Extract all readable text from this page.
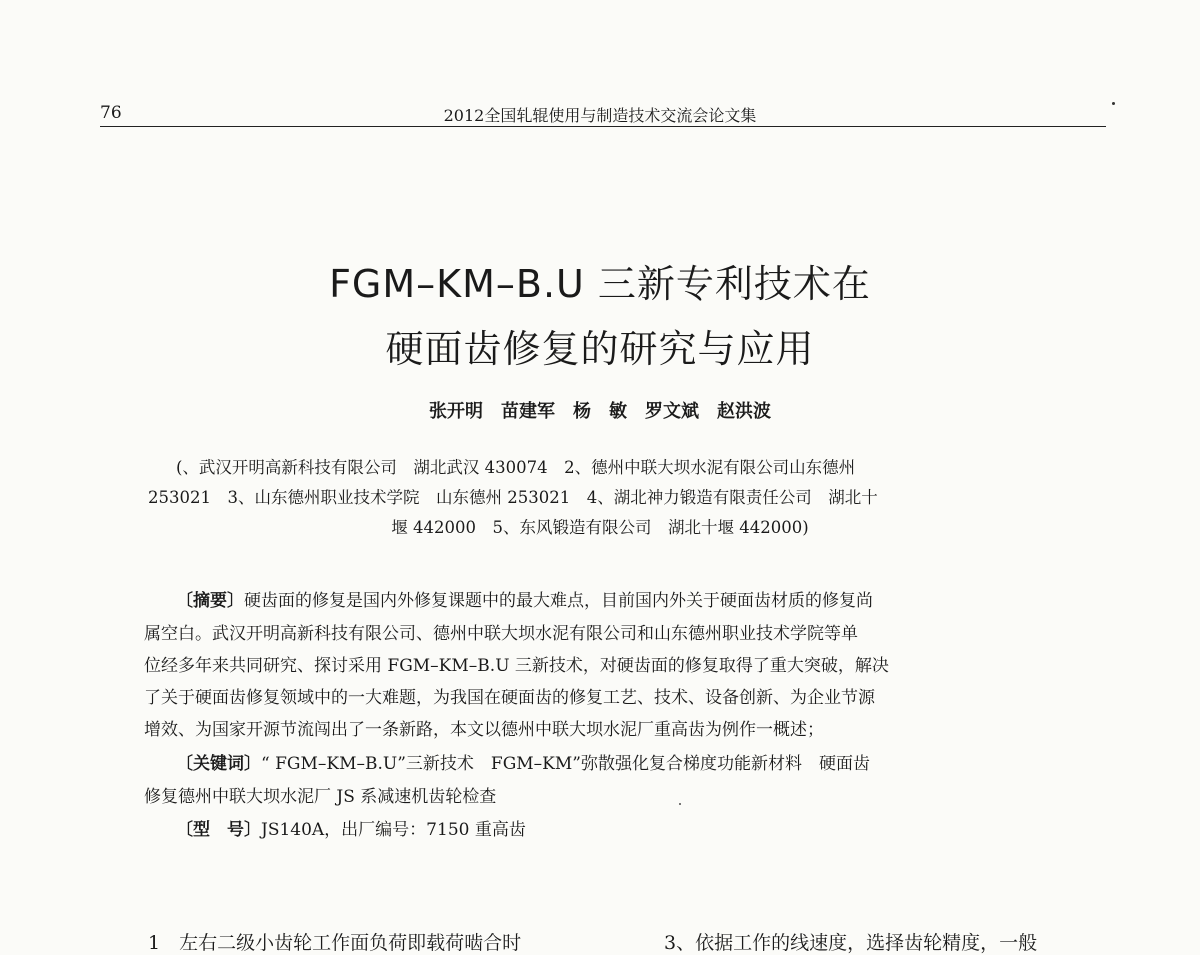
76	2012全国轧辊使用与制造技术交流会论文集
FGM–KM–B.U 三新专利技术在
硬面齿修复的研究与应用
张开明　苗建军　杨　敏　罗文斌　赵洪波
(、武汉开明高新科技有限公司　湖北武汉 430074　2、德州中联大坝水泥有限公司山东德州
253021　3、山东德州职业技术学院　山东德州 253021　4、湖北神力锻造有限责任公司　湖北十
堰 442000　5、东风锻造有限公司　湖北十堰 442000)
〔摘要〕硬齿面的修复是国内外修复课题中的最大难点，目前国内外关于硬面齿材质的修复尚
属空白。武汉开明高新科技有限公司、德州中联大坝水泥有限公司和山东德州职业技术学院等单
位经多年来共同研究、探讨采用 FGM–KM–B.U 三新技术，对硬齿面的修复取得了重大突破，解决
了关于硬面齿修复领域中的一大难题，为我国在硬面齿的修复工艺、技术、设备创新、为企业节源
增效、为国家开源节流闯出了一条新路，本文以德州中联大坝水泥厂重高齿为例作一概述；
〔关键词〕“ FGM–KM–B.U”三新技术　FGM–KM”弥散强化复合梯度功能新材料　硬面齿
修复德州中联大坝水泥厂 JS 系减速机齿轮检查
〔型　号〕JS140A，出厂编号：7150 重高齿
1　左右二级小齿轮工作面负荷即载荷啮合时	3、依据工作的线速度，选择齿轮精度，一般
